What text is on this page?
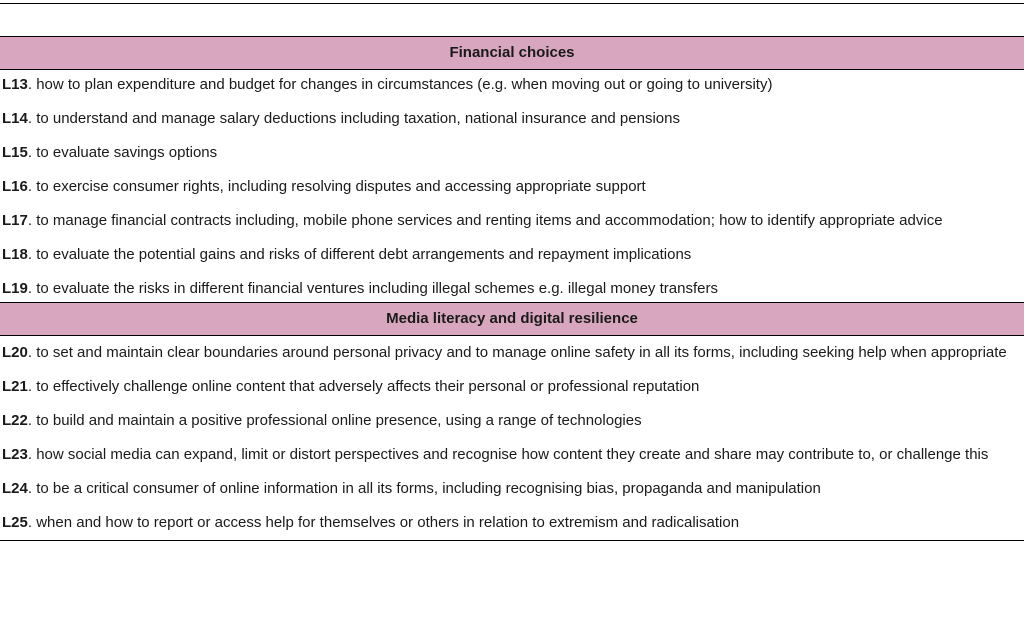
Financial choices
L13. how to plan expenditure and budget for changes in circumstances (e.g. when moving out or going to university)
L14. to understand and manage salary deductions including taxation, national insurance and pensions
L15. to evaluate savings options
L16. to exercise consumer rights, including resolving disputes and accessing appropriate support
L17. to manage financial contracts including, mobile phone services and renting items and accommodation; how to identify appropriate advice
L18. to evaluate the potential gains and risks of different debt arrangements and repayment implications
L19. to evaluate the risks in different financial ventures including illegal schemes e.g. illegal money transfers
Media literacy and digital resilience
L20. to set and maintain clear boundaries around personal privacy and to manage online safety in all its forms, including seeking help when appropriate
L21. to effectively challenge online content that adversely affects their personal or professional reputation
L22. to build and maintain a positive professional online presence, using a range of technologies
L23. how social media can expand, limit or distort perspectives and recognise how content they create and share may contribute to, or challenge this
L24. to be a critical consumer of online information in all its forms, including recognising bias, propaganda and manipulation
L25. when and how to report or access help for themselves or others in relation to extremism and radicalisation
